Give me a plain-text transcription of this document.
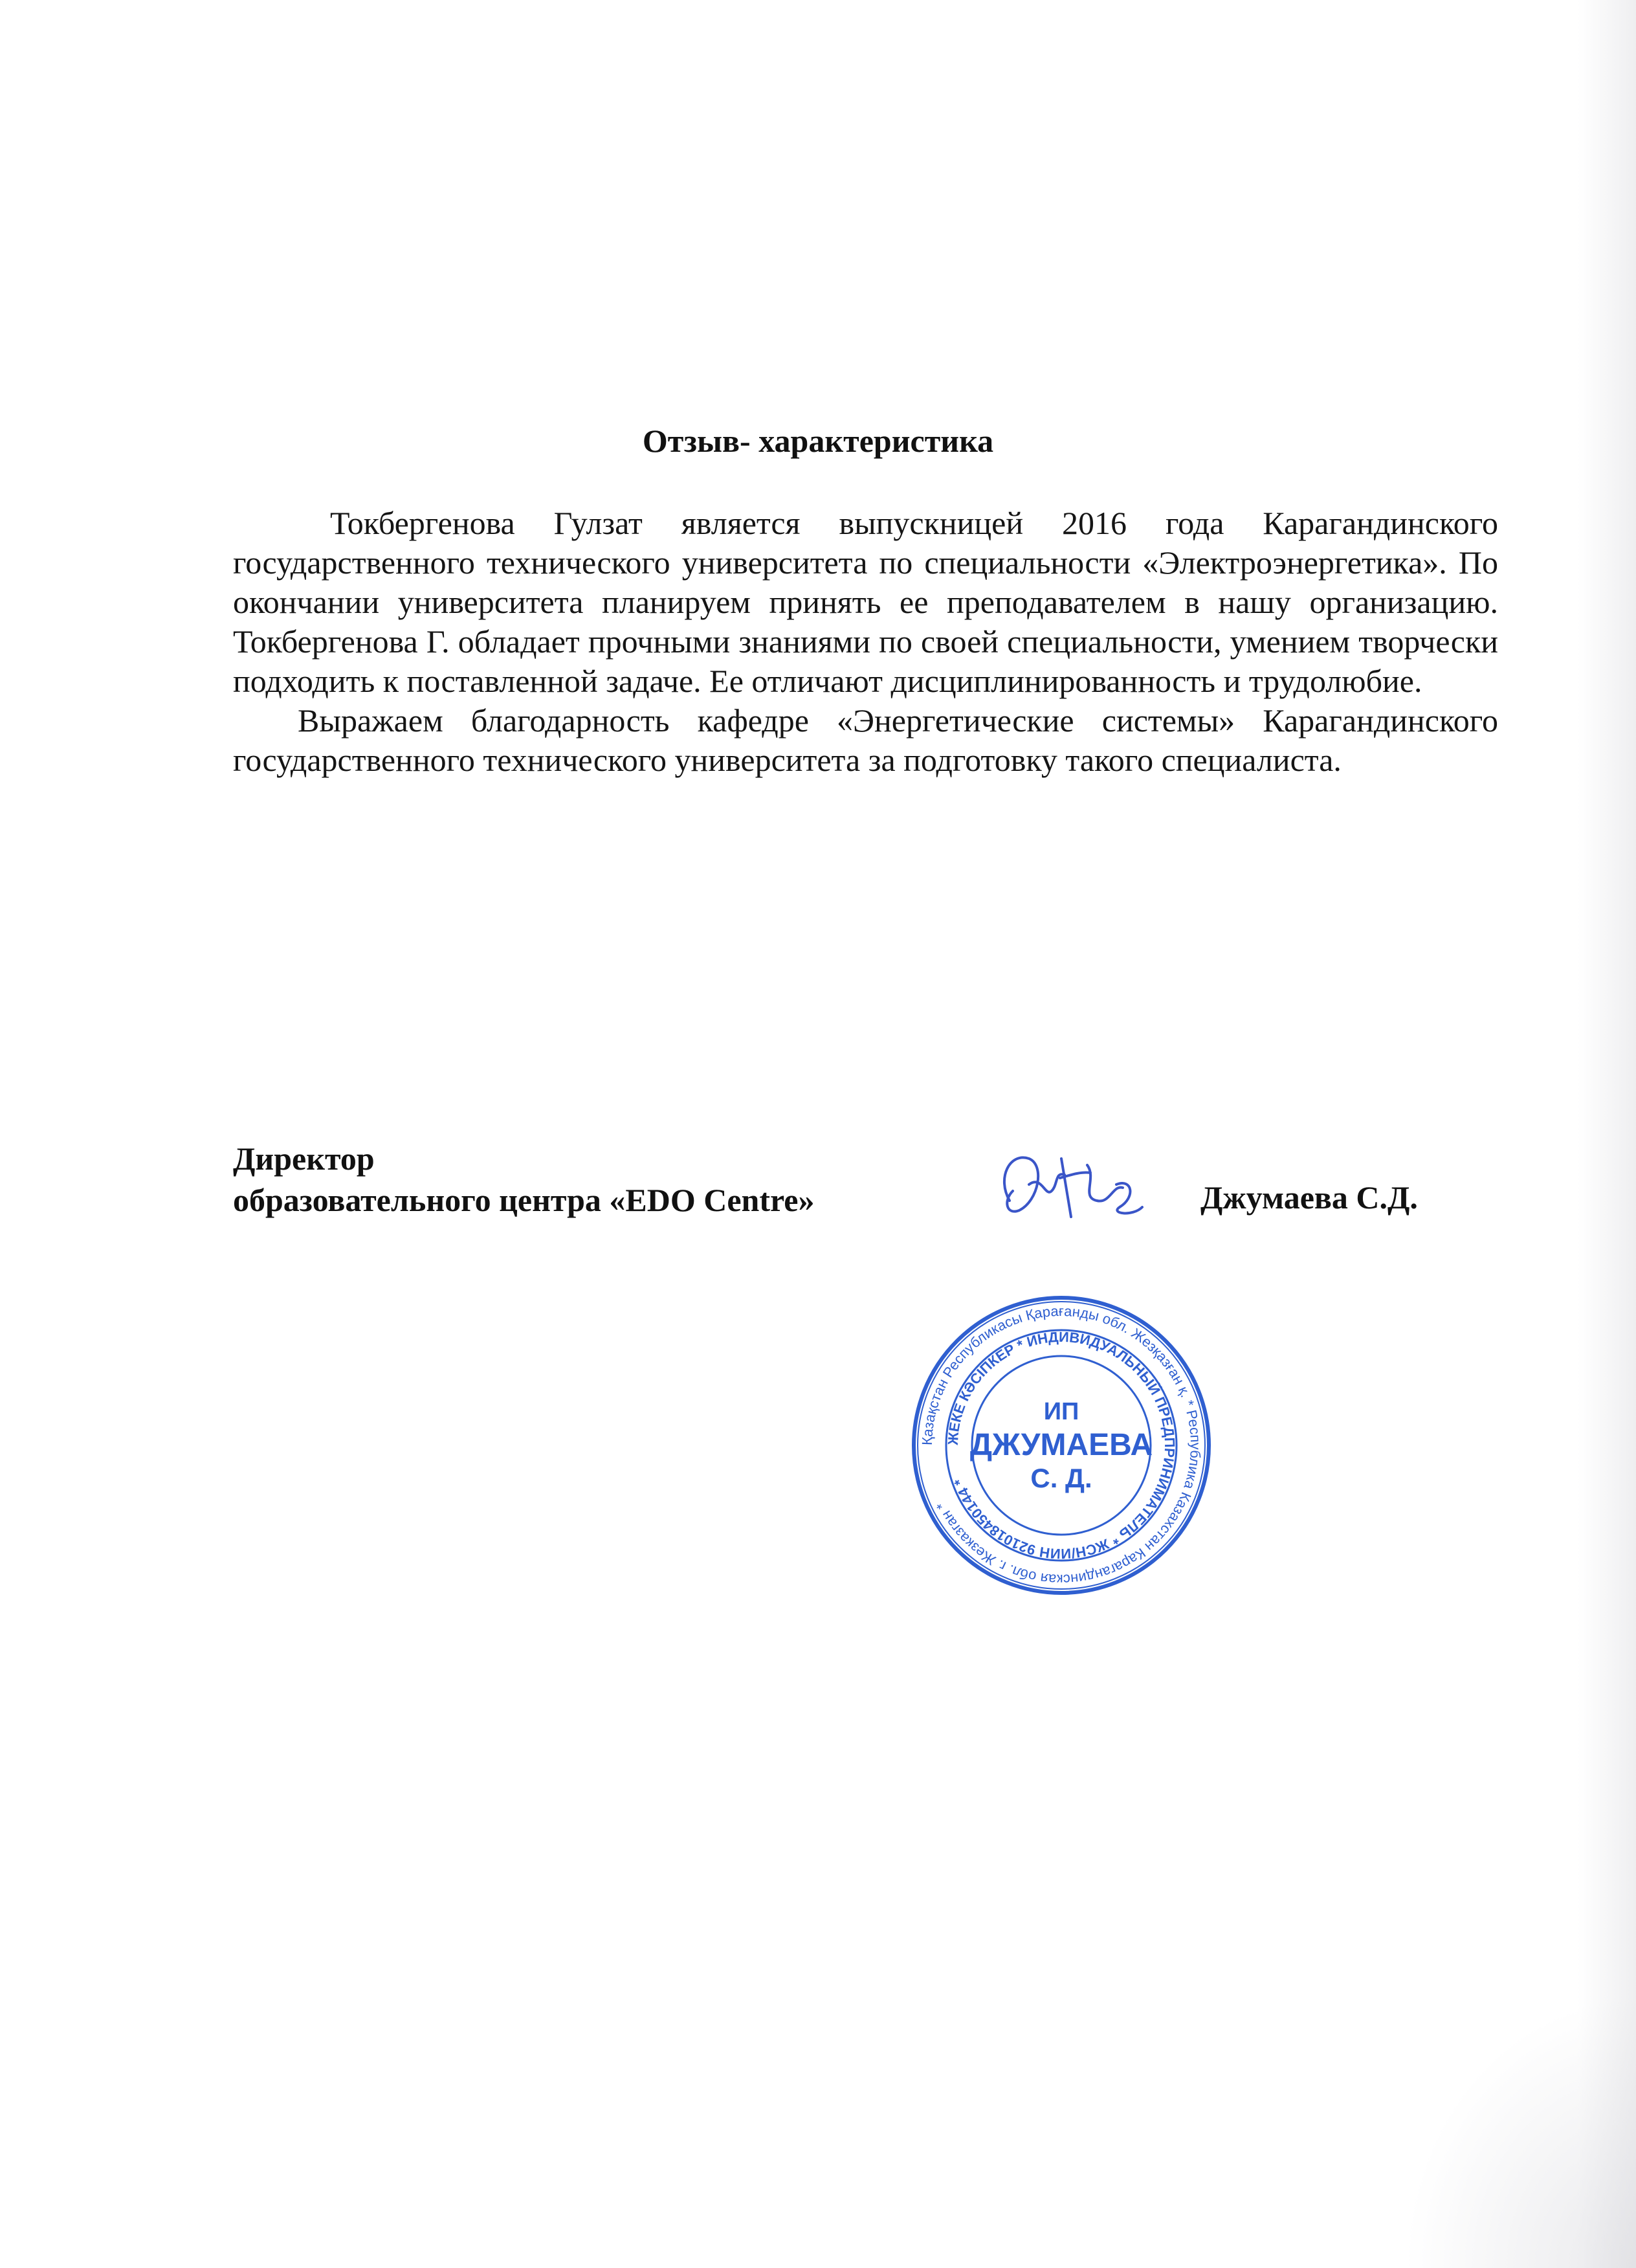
Отзыв- характеристика

Токбергенова Гулзат является выпускницей 2016 года Карагандинского государственного технического университета по специальности «Электроэнергетика». По окончании университета планируем принять ее преподавателем в нашу организацию. Токбергенова Г. обладает прочными знаниями по своей специальности, умением творчески подходить к поставленной задаче. Ее отличают дисциплинированность и трудолюбие.

Выражаем благодарность кафедре «Энергетические системы» Карагандинского государственного технического университета за подготовку такого специалиста.

Директор
образовательного центра «EDO Centre»	Джумаева С.Д.
Қазақстан Республикасы Қарағанды обл. Жезқазған қ. * Республика Казахстан Карагандинская обл. г. Жезказган *
ЖЕКЕ КӘСІПКЕР * ИНДИВИДУАЛЬНЫЙ ПРЕДПРИНИМАТЕЛЬ * ЖСН/ИИН 921018450144 *
ИП
ДЖУМАЕВА
С. Д.
